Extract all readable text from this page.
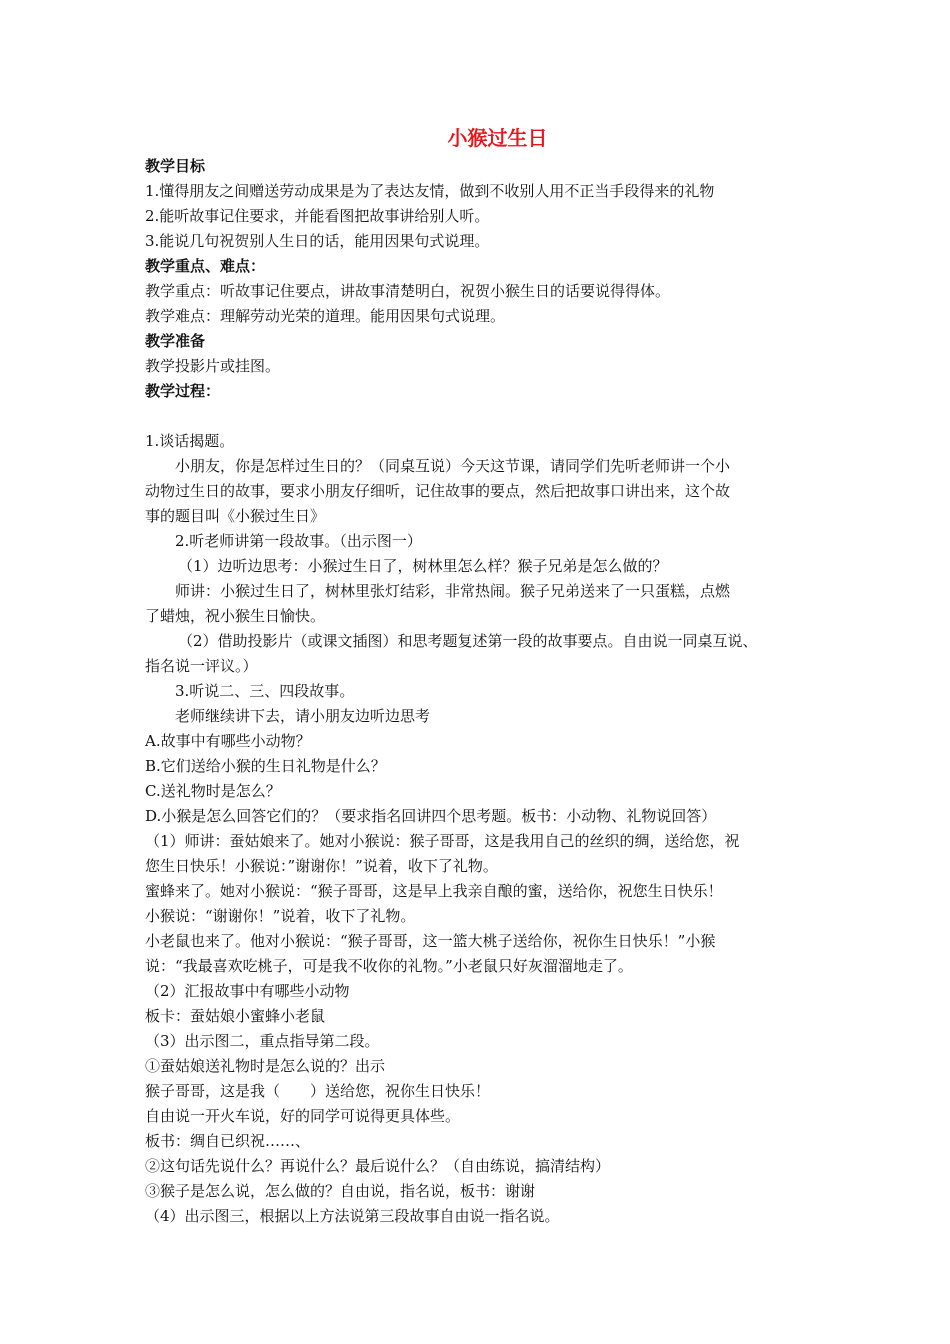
小猴过生日
教学目标
1.懂得朋友之间赠送劳动成果是为了表达友情，做到不收别人用不正当手段得来的礼物
2.能听故事记住要求，并能看图把故事讲给别人听。
3.能说几句祝贺别人生日的话，能用因果句式说理。
教学重点、难点：
教学重点：听故事记住要点，讲故事清楚明白，祝贺小猴生日的话要说得得体。
教学难点：理解劳动光荣的道理。能用因果句式说理。
教学准备
教学投影片或挂图。
教学过程：
1.谈话揭题。
小朋友，你是怎样过生日的？（同桌互说）今天这节课，请同学们先听老师讲一个小
动物过生日的故事，要求小朋友仔细听，记住故事的要点，然后把故事口讲出来，这个故
事的题目叫《小猴过生日》
2.听老师讲第一段故事。（出示图一）
（1）边听边思考：小猴过生日了，树林里怎么样？猴子兄弟是怎么做的？
师讲：小猴过生日了，树林里张灯结彩，非常热闹。猴子兄弟送来了一只蛋糕，点燃
了蜡烛，祝小猴生日愉快。
（2）借助投影片（或课文插图）和思考题复述第一段的故事要点。自由说一同桌互说、
指名说一评议。）
3.听说二、三、四段故事。
老师继续讲下去，请小朋友边听边思考
A.故事中有哪些小动物？
B.它们送给小猴的生日礼物是什么？
C.送礼物时是怎么？
D.小猴是怎么回答它们的？（要求指名回讲四个思考题。板书：小动物、礼物说回答）
（1）师讲：蚕姑娘来了。她对小猴说：猴子哥哥，这是我用自己的丝织的绸，送给您，祝
您生日快乐！小猴说：”谢谢你！”说着，收下了礼物。
蜜蜂来了。她对小猴说：“猴子哥哥，这是早上我亲自酿的蜜，送给你，祝您生日快乐！
小猴说：“谢谢你！”说着，收下了礼物。
小老鼠也来了。他对小猴说：“猴子哥哥，这一篮大桃子送给你，祝你生日快乐！”小猴
说：“我最喜欢吃桃子，可是我不收你的礼物。”小老鼠只好灰溜溜地走了。
（2）汇报故事中有哪些小动物
板卡：蚕姑娘小蜜蜂小老鼠
（3）出示图二，重点指导第二段。
①蚕姑娘送礼物时是怎么说的？出示
猴子哥哥，这是我（　　）送给您，祝你生日快乐！
自由说一开火车说，好的同学可说得更具体些。
板书：绸自已织祝……、
②这句话先说什么？再说什么？最后说什么？（自由练说，搞清结构）
③猴子是怎么说，怎么做的？自由说，指名说，板书：谢谢
（4）出示图三，根据以上方法说第三段故事自由说一指名说。
